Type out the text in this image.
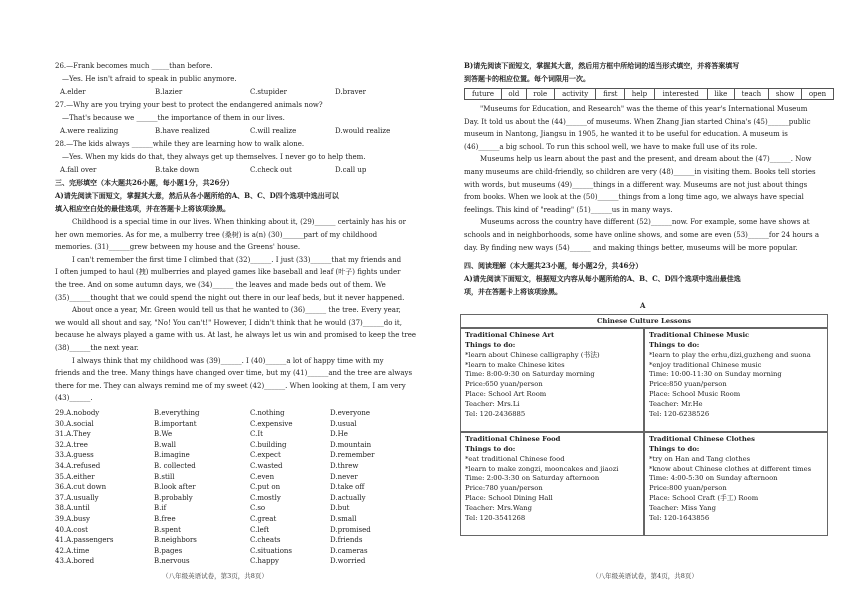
26.—Frank becomes much _____than before.
—Yes. He isn't afraid to speak in public anymore.
A.elder	B.lazier	C.stupider	D.braver
27.—Why are you trying your best to protect the endangered animals now?
—That's because we ______the importance of them in our lives.
A.were realizing	B.have realized	C.will realize	D.would realize
28.—The kids always ______while they are learning how to walk alone.
—Yes. When my kids do that, they always get up themselves. I never go to help them.
A.fall over	B.take down	C.check out	D.call up
三、完形填空（本大题共26小题，每小题1分，共26分）
A)请先阅读下面短文，掌握其大意，然后从各小题所给的A、B、C、D四个选项中选出可以
填入相应空白处的最佳选项，并在答题卡上将该项涂黑。
Childhood is a special time in our lives. When thinking about it, (29)______ certainly has his or
her own memories. As for me, a mulberry tree (桑树) is a(n) (30)______part of my childhood
memories. (31)______grew between my house and the Greens' house.
I can't remember the first time I climbed that (32)______. I just (33)______that my friends and
I often jumped to haul (拽) mulberries and played games like baseball and leaf (叶子) fights under
the tree. And on some autumn days, we (34)______ the leaves and made beds out of them. We
(35)______thought that we could spend the night out there in our leaf beds, but it never happened.
About once a year, Mr. Green would tell us that he wanted to (36)______ the tree. Every year,
we would all shout and say, "No! You can't!" However, I didn't think that he would (37)______do it,
because he always played a game with us. At last, he always let us win and promised to keep the tree
(38)______the next year.
I always think that my childhood was (39)______. I (40)______a lot of happy time with my
friends and the tree. Many things have changed over time, but my (41)______and the tree are always
there for me. They can always remind me of my sweet (42)______. When looking at them, I am very
(43)______.
29.A.nobody	B.everything	C.nothing	D.everyone
30.A.social	B.important	C.expensive	D.usual
31.A.They	B.We	C.It	D.He
32.A.tree	B.wall	C.building	D.mountain
33.A.guess	B.imagine	C.expect	D.remember
34.A.refused	B. collected	C.wasted	D.threw
35.A.either	B.still	C.even	D.never
36.A.cut down	B.look after	C.put on	D.take off
37.A.usually	B.probably	C.mostly	D.actually
38.A.until	B.if	C.so	D.but
39.A.busy	B.free	C.great	D.small
40.A.cost	B.spent	C.left	D.promised
41.A.passengers	B.neighbors	C.cheats	D.friends
42.A.time	B.pages	C.situations	D.cameras
43.A.bored	B.nervous	C.happy	D.worried
（八年级英语试卷，第3页，共8页）
B)请先阅读下面短文，掌握其大意，然后用方框中所给词的适当形式填空，并将答案填写
到答题卡的相应位置。每个词限用一次。
future	old	role	activity	first	help	interested	like	teach	show	open
"Museums for Education, and Research" was the theme of this year's International Museum
Day. It told us about the (44)______of museums. When Zhang Jian started China's (45)______public
museum in Nantong, Jiangsu in 1905, he wanted it to be useful for education. A museum is
(46)______a big school. To run this school well, we have to make full use of its role.
Museums help us learn about the past and the present, and dream about the (47)______. Now
many museums are child-friendly, so children are very (48)______in visiting them. Books tell stories
with words, but museums (49)______things in a different way. Museums are not just about things
from books. When we look at the (50)______things from a long time ago, we always have special
feelings. This kind of "reading" (51)______us in many ways.
Museums across the country have different (52)______now. For example, some have shows at
schools and in neighborhoods, some have online shows, and some are even (53)______for 24 hours a
day. By finding new ways (54)______ and making things better, museums will be more popular.
四、阅读理解（本大题共23小题，每小题2分，共46分）
A)请先阅读下面短文，根据短文内容从每小题所给的A、B、C、D四个选项中选出最佳选
项，并在答题卡上将该项涂黑。
A
Chinese Culture Lessons
Traditional Chinese Art
Things to do:
*learn about Chinese calligraphy (书法)
*learn to make Chinese kites
Time: 8:00-9:30 on Saturday morning
Price:650 yuan/person
Place: School Art Room
Teacher: Mrs.Li
Tel: 120-2436885
Traditional Chinese Music
Things to do:
*learn to play the erhu,dizi,guzheng and suona
*enjoy traditional Chinese music
Time: 10:00-11:30 on Sunday morning
Price:850 yuan/person
Place: School Music Room
Teacher: Mr.He
Tel: 120-6238526
Traditional Chinese Food
Things to do:
*eat traditional Chinese food
*learn to make zongzi, mooncakes and jiaozi
Time: 2:00-3:30 on Saturday afternoon
Price:780 yuan/person
Place: School Dining Hall
Teacher: Mrs.Wang
Tel: 120-3541268
Traditional Chinese Clothes
Things to do:
*try on Han and Tang clothes
*know about Chinese clothes at different times
Time: 4:00-5:30 on Sunday afternoon
Price:800 yuan/person
Place: School Craft (手工) Room
Teacher: Miss Yang
Tel: 120-1643856
（八年级英语试卷，第4页，共8页）
